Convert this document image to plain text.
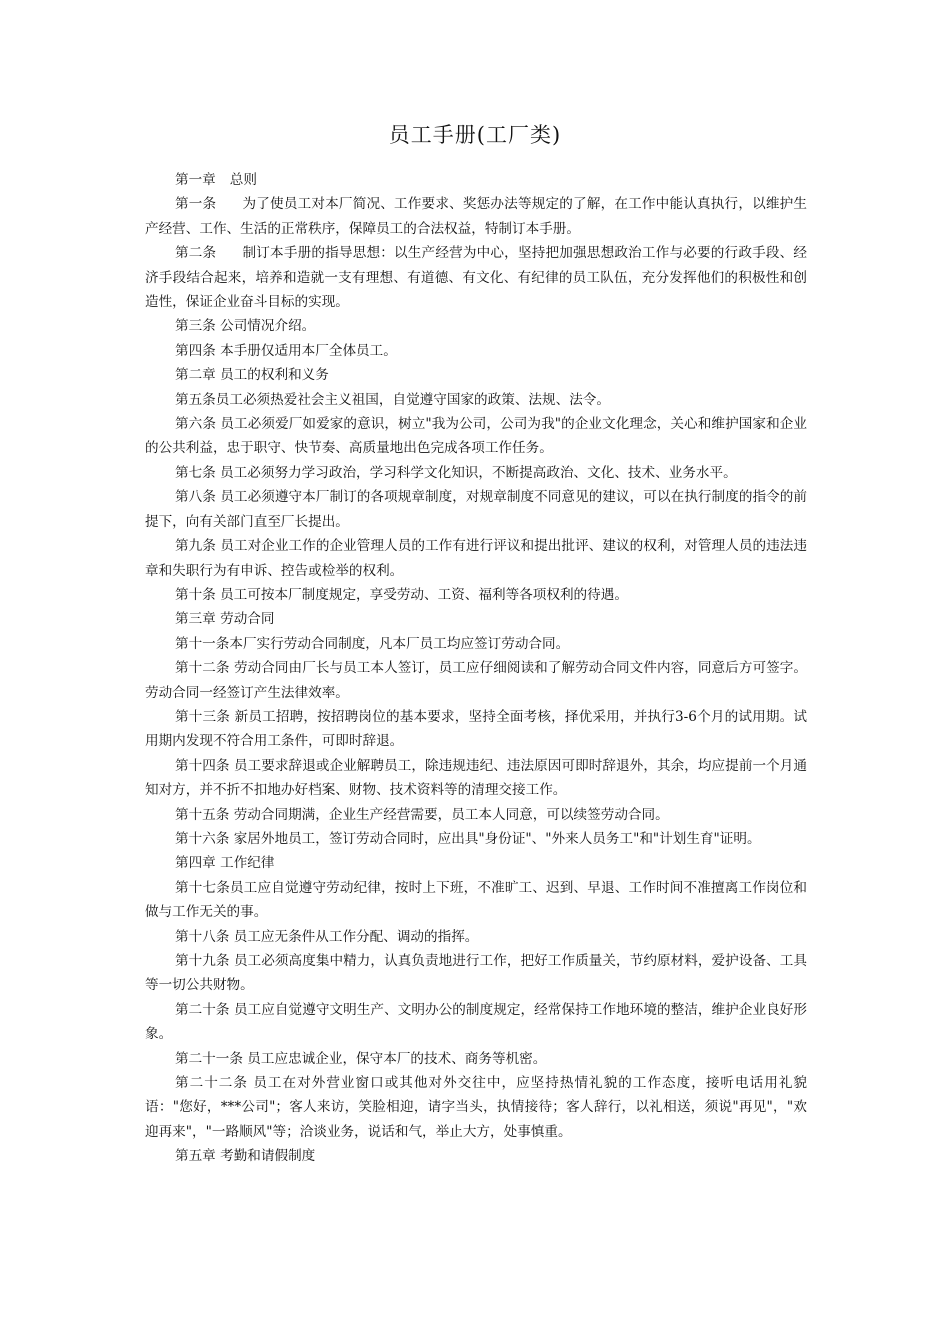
员工手册(工厂类)

第一章 总则

第一条 为了使员工对本厂简况、工作要求、奖惩办法等规定的了解，在工作中能认真执行，以维护生产经营、工作、生活的正常秩序，保障员工的合法权益，特制订本手册。

第二条 制订本手册的指导思想：以生产经营为中心，坚持把加强思想政治工作与必要的行政手段、经济手段结合起来，培养和造就一支有理想、有道德、有文化、有纪律的员工队伍，充分发挥他们的积极性和创造性，保证企业奋斗目标的实现。

第三条 公司情况介绍。

第四条 本手册仅适用本厂全体员工。

第二章 员工的权利和义务

第五条员工必须热爱社会主义祖国，自觉遵守国家的政策、法规、法令。

第六条 员工必须爱厂如爱家的意识，树立"我为公司，公司为我"的企业文化理念，关心和维护国家和企业的公共利益，忠于职守、快节奏、高质量地出色完成各项工作任务。

第七条 员工必须努力学习政治，学习科学文化知识，不断提高政治、文化、技术、业务水平。

第八条 员工必须遵守本厂制订的各项规章制度，对规章制度不同意见的建议，可以在执行制度的指令的前提下，向有关部门直至厂长提出。

第九条 员工对企业工作的企业管理人员的工作有进行评议和提出批评、建议的权利，对管理人员的违法违章和失职行为有申诉、控告或检举的权利。

第十条 员工可按本厂制度规定，享受劳动、工资、福利等各项权利的待遇。

第三章 劳动合同

第十一条本厂实行劳动合同制度，凡本厂员工均应签订劳动合同。

第十二条 劳动合同由厂长与员工本人签订，员工应仔细阅读和了解劳动合同文件内容，同意后方可签字。劳动合同一经签订产生法律效率。

第十三条 新员工招聘，按招聘岗位的基本要求，坚持全面考核，择优采用，并执行3-6个月的试用期。试用期内发现不符合用工条件，可即时辞退。

第十四条 员工要求辞退或企业解聘员工，除违规违纪、违法原因可即时辞退外，其余，均应提前一个月通知对方，并不折不扣地办好档案、财物、技术资料等的清理交接工作。

第十五条 劳动合同期满，企业生产经营需要，员工本人同意，可以续签劳动合同。

第十六条 家居外地员工，签订劳动合同时，应出具"身份证"、"外来人员务工"和"计划生育"证明。

第四章 工作纪律

第十七条员工应自觉遵守劳动纪律，按时上下班，不准旷工、迟到、早退、工作时间不准擅离工作岗位和做与工作无关的事。

第十八条 员工应无条件从工作分配、调动的指挥。

第十九条 员工必须高度集中精力，认真负责地进行工作，把好工作质量关，节约原材料，爱护设备、工具等一切公共财物。

第二十条 员工应自觉遵守文明生产、文明办公的制度规定，经常保持工作地环境的整洁，维护企业良好形象。

第二十一条 员工应忠诚企业，保守本厂的技术、商务等机密。

第二十二条 员工在对外营业窗口或其他对外交往中，应坚持热情礼貌的工作态度，接听电话用礼貌语："您好，***公司"；客人来访，笑脸相迎，请字当头，执情接待；客人辞行，以礼相送，须说"再见"，"欢迎再来"，"一路顺风"等；洽谈业务，说话和气，举止大方，处事慎重。

第五章 考勤和请假制度
